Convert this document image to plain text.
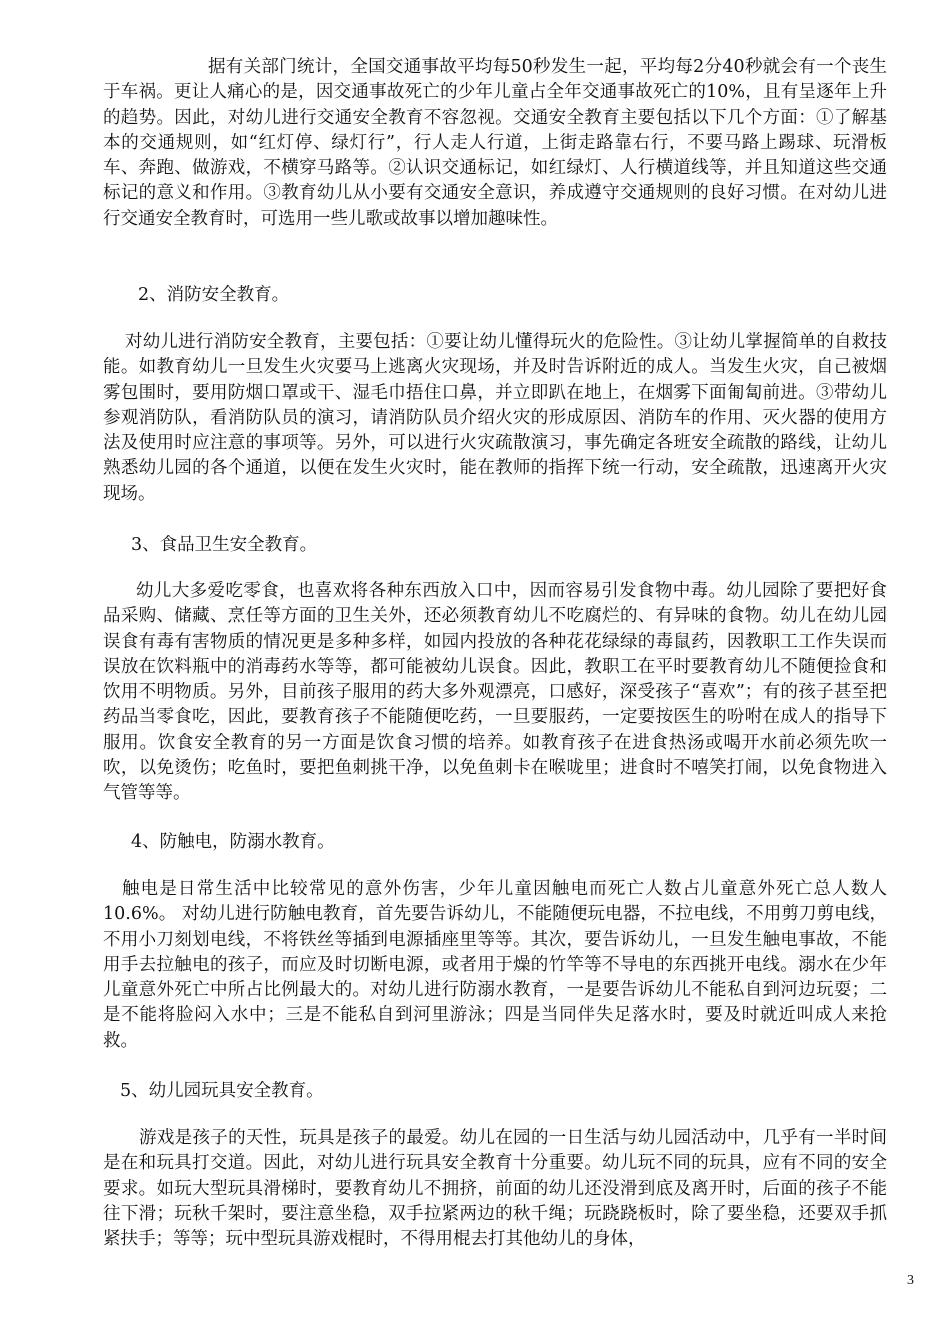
据有关部门统计，全国交通事故平均每50秒发生一起，平均每2分40秒就会有一个丧生于车祸。更让人痛心的是，因交通事故死亡的少年儿童占全年交通事故死亡的10%，且有呈逐年上升的趋势。因此，对幼儿进行交通安全教育不容忽视。交通安全教育主要包括以下几个方面：①了解基本的交通规则，如“红灯停、绿灯行”，行人走人行道，上街走路靠右行，不要马路上踢球、玩滑板车、奔跑、做游戏，不横穿马路等。②认识交通标记，如红绿灯、人行横道线等，并且知道这些交通标记的意义和作用。③教育幼儿从小要有交通安全意识，养成遵守交通规则的良好习惯。在对幼儿进行交通安全教育时，可选用一些儿歌或故事以增加趣味性。

2、消防安全教育。

对幼儿进行消防安全教育，主要包括：①要让幼儿懂得玩火的危险性。③让幼儿掌握简单的自救技能。如教育幼儿一旦发生火灾要马上逃离火灾现场，并及时告诉附近的成人。当发生火灾，自己被烟雾包围时，要用防烟口罩或干、湿毛巾捂住口鼻，并立即趴在地上，在烟雾下面匍匐前进。③带幼儿参观消防队，看消防队员的演习，请消防队员介绍火灾的形成原因、消防车的作用、灭火器的使用方法及使用时应注意的事项等。另外，可以进行火灾疏散演习，事先确定各班安全疏散的路线，让幼儿熟悉幼儿园的各个通道，以便在发生火灾时，能在教师的指挥下统一行动，安全疏散，迅速离开火灾现场。

3、食品卫生安全教育。

幼儿大多爱吃零食，也喜欢将各种东西放入口中，因而容易引发食物中毒。幼儿园除了要把好食品采购、储藏、烹任等方面的卫生关外，还必须教育幼儿不吃腐烂的、有异味的食物。幼儿在幼儿园误食有毒有害物质的情况更是多种多样，如园内投放的各种花花绿绿的毒鼠药，因教职工工作失误而误放在饮料瓶中的消毒药水等等，都可能被幼儿误食。因此，教职工在平时要教育幼儿不随便捡食和饮用不明物质。另外，目前孩子服用的药大多外观漂亮，口感好，深受孩子“喜欢”；有的孩子甚至把药品当零食吃，因此，要教育孩子不能随便吃药，一旦要服药，一定要按医生的吩咐在成人的指导下服用。饮食安全教育的另一方面是饮食习惯的培养。如教育孩子在进食热汤或喝开水前必须先吹一吹，以免烫伤；吃鱼时，要把鱼刺挑干净，以免鱼刺卡在喉咙里；进食时不嘻笑打闹，以免食物进入气管等等。

4、防触电，防溺水教育。

触电是日常生活中比较常见的意外伤害，少年儿童因触电而死亡人数占儿童意外死亡总人数人 10.6%。 对幼儿进行防触电教育，首先要告诉幼儿，不能随便玩电器，不拉电线，不用剪刀剪电线，不用小刀刻划电线，不将铁丝等插到电源插座里等等。其次，要告诉幼儿，一旦发生触电事故，不能用手去拉触电的孩子，而应及时切断电源，或者用于燥的竹竿等不导电的东西挑开电线。溺水在少年儿童意外死亡中所占比例最大的。对幼儿进行防溺水教育，一是要告诉幼儿不能私自到河边玩耍；二是不能将脸闷入水中；三是不能私自到河里游泳；四是当同伴失足落水时，要及时就近叫成人来抢救。

5、幼儿园玩具安全教育。

游戏是孩子的天性，玩具是孩子的最爱。幼儿在园的一日生活与幼儿园活动中，几乎有一半时间是在和玩具打交道。因此，对幼儿进行玩具安全教育十分重要。幼儿玩不同的玩具，应有不同的安全要求。如玩大型玩具滑梯时，要教育幼儿不拥挤，前面的幼儿还没滑到底及离开时，后面的孩子不能往下滑；玩秋千架时，要注意坐稳，双手拉紧两边的秋千绳；玩跷跷板时，除了要坐稳，还要双手抓紧扶手；等等；玩中型玩具游戏棍时，不得用棍去打其他幼儿的身体，

3
